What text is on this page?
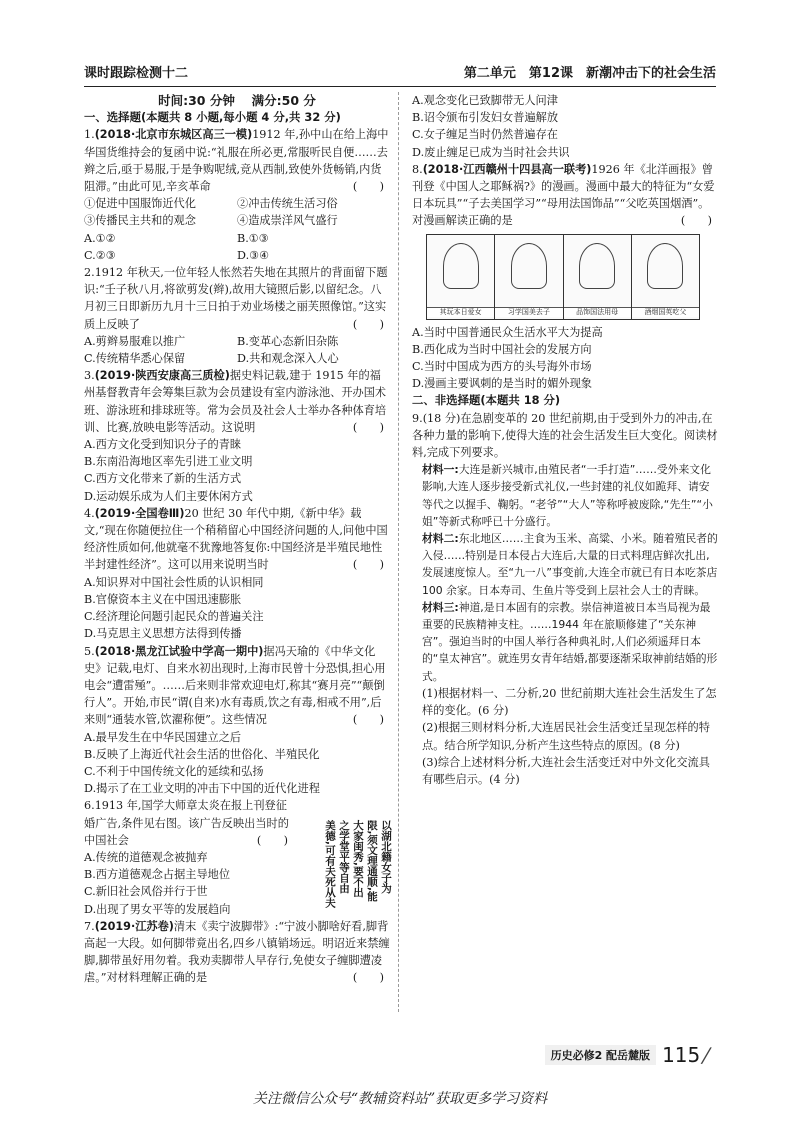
课时跟踪检测十二	第二单元　第12课　新潮冲击下的社会生活

时间:30 分钟　 满分:50 分

一、选择题(本题共 8 小题,每小题 4 分,共 32 分)

1.(2018·北京市东城区高三一模)1912 年,孙中山在给上海中华国货维持会的复函中说:“礼服在所必更,常服听民自便……去辫之后,亟于易服,于是争购呢绒,竞从西制,致使外货畅销,内货阻滞。”由此可见,辛亥革命	(　　)

①促进中国服饰近代化	②冲击传统生活习俗
③传播民主共和的观念	④造成崇洋风气盛行
A.①②	B.①③
C.②③	D.③④

2.1912 年秋天,一位年轻人怅然若失地在其照片的背面留下题识:“壬子秋八月,将欲剪发(辫),故用大镜照后影,以留纪念。八月初三日即新历九月十三日拍于劝业场楼之丽芙照像馆。”这实质上反映了	(　　)

A.剪辫易服难以推广	B.变革心态新旧杂陈
C.传统精华悉心保留	D.共和观念深入人心

3.(2019·陕西安康高三质检)据史料记载,建于 1915 年的福州基督教青年会筹集巨款为会员建设有室内游泳池、开办国术班、游泳班和排球班等。常为会员及社会人士举办各种体育培训、比赛,放映电影等活动。这说明	(　　)

A.西方文化受到知识分子的青睐

B.东南沿海地区率先引进工业文明

C.西方文化带来了新的生活方式

D.运动娱乐成为人们主要休闲方式

4.(2019·全国卷Ⅲ)20 世纪 30 年代中期,《新中华》载文,“现在你随便拉住一个稍稍留心中国经济问题的人,问他中国经济性质如何,他就毫不犹豫地答复你:中国经济是半殖民地性半封建性经济”。这可以用来说明当时	(　　)

A.知识界对中国社会性质的认识相同

B.官僚资本主义在中国迅速膨胀

C.经济理论问题引起民众的普遍关注

D.马克思主义思想方法得到传播

5.(2018·黑龙江试验中学高一期中)据冯天瑜的《中华文化史》记载,电灯、自来水初出现时,上海市民曾十分恐惧,担心用电会“遭雷殛”。……后来则非常欢迎电灯,称其“赛月亮”“颠倒行人”。开始,市民“谓(自来)水有毒质,饮之有毒,相戒不用”,后来则“通装水管,饮濯称便”。这些情况	(　　)

A.最早发生在中华民国建立之后

B.反映了上海近代社会生活的世俗化、半殖民化

C.不利于中国传统文化的延续和弘扬

D.揭示了在工业文明的冲击下中国的近代化进程

6.1913 年,国学大师章太炎在报上刊登征婚广告,条件见右图。该广告反映出当时的中国社会	(　　)

A.传统的道德观念被抛弃

B.西方道德观念占据主导地位

C.新旧社会风俗并行于世

D.出现了男女平等的发展趋向

7.(2019·江苏卷)清末《卖宁波脚带》:“宁波小脚啥好看,脚背高起一大段。如何脚带竟出名,四乡八镇销场远。明诏近来禁缠脚,脚带虽好用勿着。我劝卖脚带人早存行,免使女子缠脚遭凌虐。”对材料理解正确的是	(　　)

以湖北籍女子为
限,须文理通顺,能
大家闺秀,要不出
之学堂平等自由
美德,可有夫死从夫

A.观念变化已致脚带无人问津

B.诏令颁布引发妇女普遍解放

C.女子缠足当时仍然普遍存在

D.废止缠足已成为当时社会共识

8.(2018·江西赣州十四县高一联考)1926 年《北洋画报》曾刊登《中国人之耶稣祸?》的漫画。漫画中最大的特征为“女爱日本玩具”“子去美国学习”“母用法国饰品”“父吃英国烟酒”。对漫画解读正确的是	(　　)

其玩本日爱女	习学国美去子	品饰国法用母	酒烟国英吃父

A.当时中国普通民众生活水平大为提高

B.西化成为当时中国社会的发展方向

C.当时中国成为西方的头号海外市场

D.漫画主要讽刺的是当时的媚外现象

二、非选择题(本题共 18 分)

9.(18 分)在急剧变革的 20 世纪前期,由于受到外力的冲击,在各种力量的影响下,使得大连的社会生活发生巨大变化。阅读材料,完成下列要求。

材料一:大连是新兴城市,由殖民者“一手打造”……受外来文化影响,大连人逐步接受新式礼仪,一些封建的礼仪如跪拜、请安等代之以握手、鞠躬。“老爷”“大人”等称呼被废除,“先生”“小姐”等新式称呼已十分盛行。

材料二:东北地区……主食为玉米、高粱、小米。随着殖民者的入侵……特别是日本侵占大连后,大量的日式料理店鲜次扎出,发展速度惊人。至“九一八”事变前,大连全市就已有日本吃茶店 100 余家。日本寿司、生鱼片等受到上层社会人士的青睐。

材料三:神道,是日本固有的宗教。崇信神道被日本当局视为最重要的民族精神支柱。……1944 年在旅顺修建了“关东神宫”。强迫当时的中国人举行各种典礼时,人们必须遥拜日本的“皇太神宫”。就连男女青年结婚,都要逐渐采取神前结婚的形式。

(1)根据材料一、二分析,20 世纪前期大连社会生活发生了怎样的变化。(6 分)

(2)根据三则材料分析,大连居民社会生活变迁呈现怎样的特点。结合所学知识,分析产生这些特点的原因。(8 分)

(3)综合上述材料分析,大连社会生活变迁对中外文化交流具有哪些启示。(4 分)

历史必修2 配岳麓版 115 /
关注微信公众号“教辅资料站”获取更多学习资料
